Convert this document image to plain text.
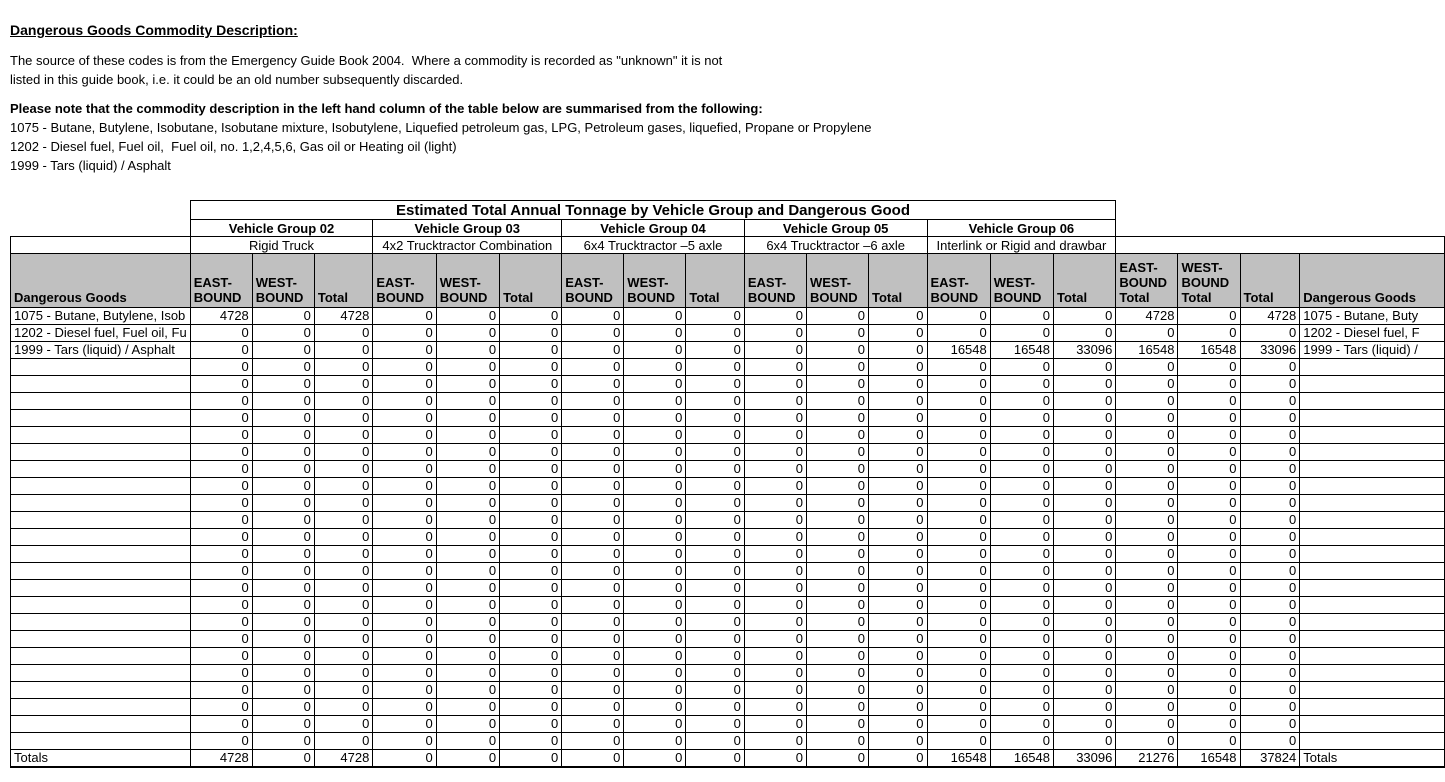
Dangerous Goods Commodity Description:

The source of these codes is from the Emergency Guide Book 2004.  Where a commodity is recorded as "unknown" it is not

listed in this guide book, i.e. it could be an old number subsequently discarded.

Please note that the commodity description in the left hand column of the table below are summarised from the following:

1075 - Butane, Butylene, Isobutane, Isobutane mixture, Isobutylene, Liquefied petroleum gas, LPG, Petroleum gases, liquefied, Propane or Propylene

1202 - Diesel fuel, Fuel oil,  Fuel oil, no. 1,2,4,5,6, Gas oil or Heating oil (light)

1999 - Tars (liquid) / Asphalt

	Estimated Total Annual Tonnage by Vehicle Group and Dangerous Good																		
	Vehicle Group 02			Vehicle Group 03			Vehicle Group 04			Vehicle Group 05			Vehicle Group 06						
	Rigid Truck			4x2 Trucktractor Combination			6x4 Trucktractor –5 axle			6x4 Trucktractor –6 axle			Interlink or Rigid and drawbar						
Dangerous Goods	EAST-BOUND	WEST-BOUND	Total	EAST-BOUND	WEST-BOUND	Total	EAST-BOUND	WEST-BOUND	Total	EAST-BOUND	WEST-BOUND	Total	EAST-BOUND	WEST-BOUND	Total	EAST-BOUND Total	WEST-BOUND Total	Total	Dangerous Goods
1075 - Butane, Butylene, Isob	4728	0	4728	0	0	0	0	0	0	0	0	0	0	0	0	4728	0	4728	1075 - Butane, Buty
1202 - Diesel fuel, Fuel oil, Fu	0	0	0	0	0	0	0	0	0	0	0	0	0	0	0	0	0	0	1202 - Diesel fuel, F
1999 - Tars (liquid) / Asphalt	0	0	0	0	0	0	0	0	0	0	0	0	16548	16548	33096	16548	16548	33096	1999 - Tars (liquid) /
	0	0	0	0	0	0	0	0	0	0	0	0	0	0	0	0	0	0	
	0	0	0	0	0	0	0	0	0	0	0	0	0	0	0	0	0	0	
	0	0	0	0	0	0	0	0	0	0	0	0	0	0	0	0	0	0	
	0	0	0	0	0	0	0	0	0	0	0	0	0	0	0	0	0	0	
	0	0	0	0	0	0	0	0	0	0	0	0	0	0	0	0	0	0	
	0	0	0	0	0	0	0	0	0	0	0	0	0	0	0	0	0	0	
	0	0	0	0	0	0	0	0	0	0	0	0	0	0	0	0	0	0	
	0	0	0	0	0	0	0	0	0	0	0	0	0	0	0	0	0	0	
	0	0	0	0	0	0	0	0	0	0	0	0	0	0	0	0	0	0	
	0	0	0	0	0	0	0	0	0	0	0	0	0	0	0	0	0	0	
	0	0	0	0	0	0	0	0	0	0	0	0	0	0	0	0	0	0	
	0	0	0	0	0	0	0	0	0	0	0	0	0	0	0	0	0	0	
	0	0	0	0	0	0	0	0	0	0	0	0	0	0	0	0	0	0	
	0	0	0	0	0	0	0	0	0	0	0	0	0	0	0	0	0	0	
	0	0	0	0	0	0	0	0	0	0	0	0	0	0	0	0	0	0	
	0	0	0	0	0	0	0	0	0	0	0	0	0	0	0	0	0	0	
	0	0	0	0	0	0	0	0	0	0	0	0	0	0	0	0	0	0	
	0	0	0	0	0	0	0	0	0	0	0	0	0	0	0	0	0	0	
	0	0	0	0	0	0	0	0	0	0	0	0	0	0	0	0	0	0	
	0	0	0	0	0	0	0	0	0	0	0	0	0	0	0	0	0	0	
	0	0	0	0	0	0	0	0	0	0	0	0	0	0	0	0	0	0	
	0	0	0	0	0	0	0	0	0	0	0	0	0	0	0	0	0	0	
	0	0	0	0	0	0	0	0	0	0	0	0	0	0	0	0	0	0	
Totals	4728	0	4728	0	0	0	0	0	0	0	0	0	16548	16548	33096	21276	16548	37824	Totals
